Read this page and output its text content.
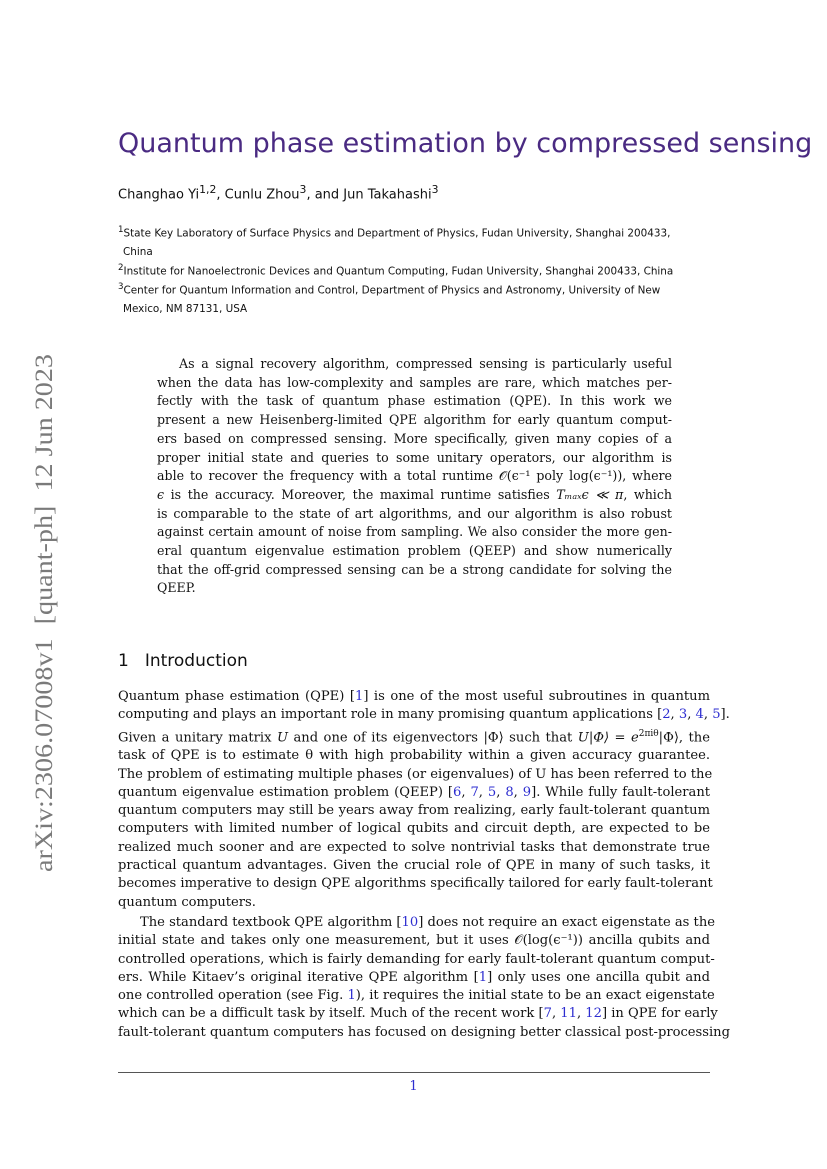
arXiv:2306.07008v1  [quant-ph]  12 Jun 2023
Quantum phase estimation by compressed sensing
Changhao Yi$^{1,2}$, Cunlu Zhou$^3$, and Jun Takahashi$^3$
$^1$State Key Laboratory of Surface Physics and Department of Physics, Fudan University, Shanghai 200433,
China
$^2$Institute for Nanoelectronic Devices and Quantum Computing, Fudan University, Shanghai 200433, China
$^3$Center for Quantum Information and Control, Department of Physics and Astronomy, University of New
Mexico, NM 87131, USA
As a signal recovery algorithm, compressed sensing is particularly useful
when the data has low-complexity and samples are rare, which matches per-
fectly with the task of quantum phase estimation (QPE). In this work we
present a new Heisenberg-limited QPE algorithm for early quantum comput-
ers based on compressed sensing. More specifically, given many copies of a
proper initial state and queries to some unitary operators, our algorithm is
able to recover the frequency with a total runtime 𝒪(ϵ⁻¹ poly log(ϵ⁻¹)), where
ϵ is the accuracy. Moreover, the maximal runtime satisfies Tₘₐₓϵ ≪ π, which
is comparable to the state of art algorithms, and our algorithm is also robust
against certain amount of noise from sampling. We also consider the more gen-
eral quantum eigenvalue estimation problem (QEEP) and show numerically
that the off-grid compressed sensing can be a strong candidate for solving the
QEEP.
1 Introduction
Quantum phase estimation (QPE) [1] is one of the most useful subroutines in quantum
computing and plays an important role in many promising quantum applications [2, 3, 4, 5].
Given a unitary matrix U and one of its eigenvectors |Φ⟩ such that U|Φ⟩ = $e^{2\pi i\theta}|\Phi⟩$, the
task of QPE is to estimate θ with high probability within a given accuracy guarantee.
The problem of estimating multiple phases (or eigenvalues) of U has been referred to the
quantum eigenvalue estimation problem (QEEP) [6, 7, 5, 8, 9]. While fully fault-tolerant
quantum computers may still be years away from realizing, early fault-tolerant quantum
computers with limited number of logical qubits and circuit depth, are expected to be
realized much sooner and are expected to solve nontrivial tasks that demonstrate true
practical quantum advantages. Given the crucial role of QPE in many of such tasks, it
becomes imperative to design QPE algorithms specifically tailored for early fault-tolerant
quantum computers.
The standard textbook QPE algorithm [10] does not require an exact eigenstate as the
initial state and takes only one measurement, but it uses 𝒪(log(ϵ⁻¹)) ancilla qubits and
controlled operations, which is fairly demanding for early fault-tolerant quantum comput-
ers. While Kitaev’s original iterative QPE algorithm [1] only uses one ancilla qubit and
one controlled operation (see Fig. 1), it requires the initial state to be an exact eigenstate
which can be a difficult task by itself. Much of the recent work [7, 11, 12] in QPE for early
fault-tolerant quantum computers has focused on designing better classical post-processing
1
